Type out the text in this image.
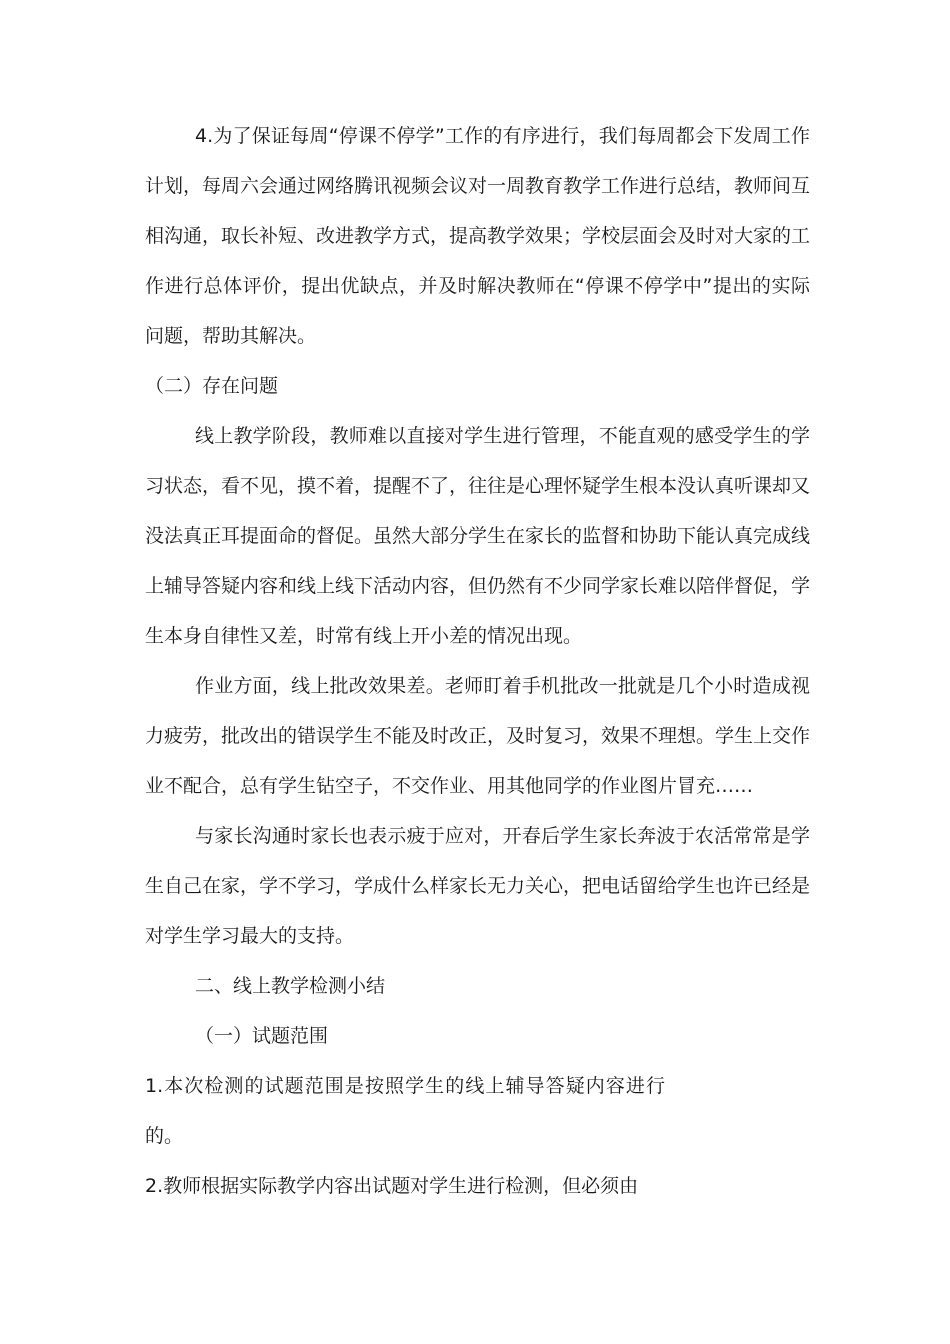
4.为了保证每周“停课不停学”工作的有序进行，我们每周都会下发周工作计划，每周六会通过网络腾讯视频会议对一周教育教学工作进行总结，教师间互相沟通，取长补短、改进教学方式，提高教学效果；学校层面会及时对大家的工作进行总体评价，提出优缺点，并及时解决教师在“停课不停学中”提出的实际问题，帮助其解决。

（二）存在问题

线上教学阶段，教师难以直接对学生进行管理，不能直观的感受学生的学习状态，看不见，摸不着，提醒不了，往往是心理怀疑学生根本没认真听课却又没法真正耳提面命的督促。虽然大部分学生在家长的监督和协助下能认真完成线上辅导答疑内容和线上线下活动内容，但仍然有不少同学家长难以陪伴督促，学生本身自律性又差，时常有线上开小差的情况出现。

作业方面，线上批改效果差。老师盯着手机批改一批就是几个小时造成视力疲劳，批改出的错误学生不能及时改正，及时复习，效果不理想。学生上交作业不配合，总有学生钻空子，不交作业、用其他同学的作业图片冒充……

与家长沟通时家长也表示疲于应对，开春后学生家长奔波于农活常常是学生自己在家，学不学习，学成什么样家长无力关心，把电话留给学生也许已经是对学生学习最大的支持。

二、线上教学检测小结

（一）试题范围

1.本次检测的试题范围是按照学生的线上辅导答疑内容进行的。

2.教师根据实际教学内容出试题对学生进行检测，但必须由
